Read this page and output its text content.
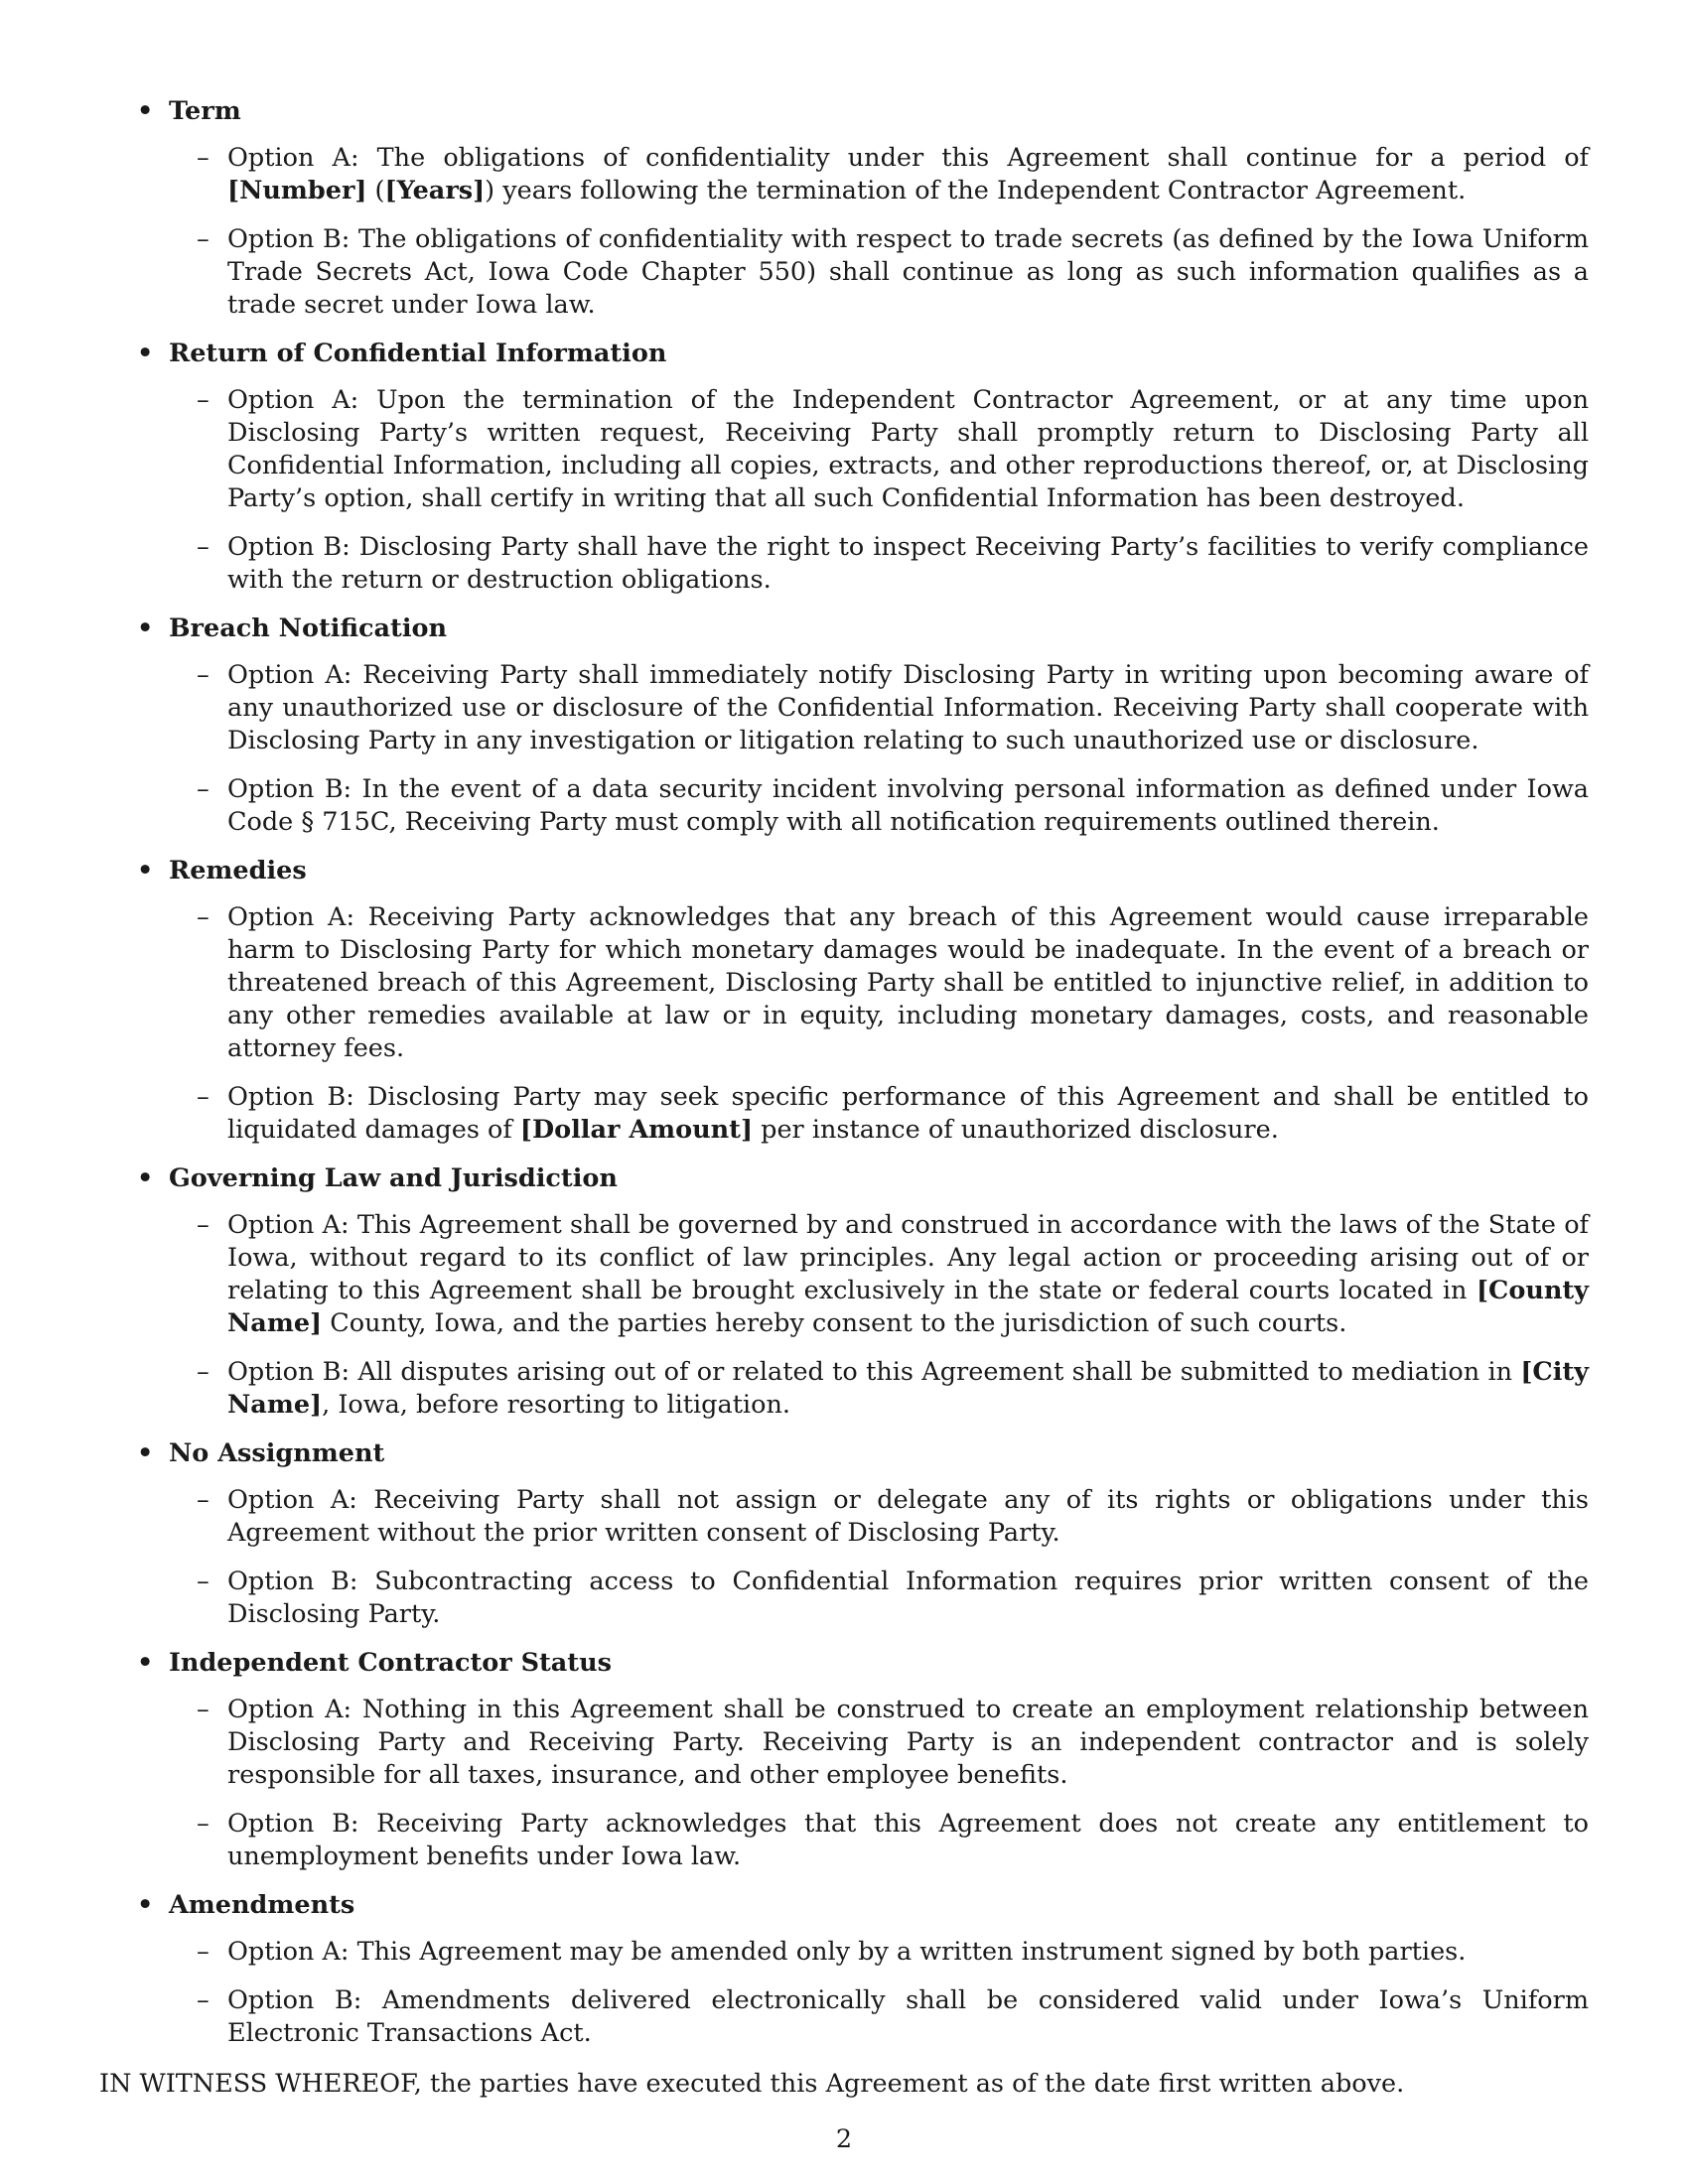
• Term
– Option A: The obligations of confidentiality under this Agreement shall continue for a period of [Number] ([Years]) years following the termination of the Independent Contractor Agreement.
– Option B: The obligations of confidentiality with respect to trade secrets (as defined by the Iowa Uniform Trade Secrets Act, Iowa Code Chapter 550) shall continue as long as such information qualifies as a trade secret under Iowa law.
• Return of Confidential Information
– Option A: Upon the termination of the Independent Contractor Agreement, or at any time upon Disclosing Party’s written request, Receiving Party shall promptly return to Disclosing Party all Confidential Information, including all copies, extracts, and other reproductions thereof, or, at Disclosing Party’s option, shall certify in writing that all such Confidential Information has been destroyed.
– Option B: Disclosing Party shall have the right to inspect Receiving Party’s facilities to verify compliance with the return or destruction obligations.
• Breach Notification
– Option A: Receiving Party shall immediately notify Disclosing Party in writing upon becoming aware of any unauthorized use or disclosure of the Confidential Information. Receiving Party shall cooperate with Disclosing Party in any investigation or litigation relating to such unauthorized use or disclosure.
– Option B: In the event of a data security incident involving personal information as defined under Iowa Code § 715C, Receiving Party must comply with all notification requirements outlined therein.
• Remedies
– Option A: Receiving Party acknowledges that any breach of this Agreement would cause irreparable harm to Disclosing Party for which monetary damages would be inadequate. In the event of a breach or threatened breach of this Agreement, Disclosing Party shall be entitled to injunctive relief, in addition to any other remedies available at law or in equity, including monetary damages, costs, and reasonable attorney fees.
– Option B: Disclosing Party may seek specific performance of this Agreement and shall be entitled to liquidated damages of [Dollar Amount] per instance of unauthorized disclosure.
• Governing Law and Jurisdiction
– Option A: This Agreement shall be governed by and construed in accordance with the laws of the State of Iowa, without regard to its conflict of law principles. Any legal action or proceeding arising out of or relating to this Agreement shall be brought exclusively in the state or federal courts located in [County Name] County, Iowa, and the parties hereby consent to the jurisdiction of such courts.
– Option B: All disputes arising out of or related to this Agreement shall be submitted to mediation in [City Name], Iowa, before resorting to litigation.
• No Assignment
– Option A: Receiving Party shall not assign or delegate any of its rights or obligations under this Agreement without the prior written consent of Disclosing Party.
– Option B: Subcontracting access to Confidential Information requires prior written consent of the Disclosing Party.
• Independent Contractor Status
– Option A: Nothing in this Agreement shall be construed to create an employment relationship between Disclosing Party and Receiving Party. Receiving Party is an independent contractor and is solely responsible for all taxes, insurance, and other employee benefits.
– Option B: Receiving Party acknowledges that this Agreement does not create any entitlement to unemployment benefits under Iowa law.
• Amendments
– Option A: This Agreement may be amended only by a written instrument signed by both parties.
– Option B: Amendments delivered electronically shall be considered valid under Iowa’s Uniform Electronic Transactions Act.
IN WITNESS WHEREOF, the parties have executed this Agreement as of the date first written above.
2
